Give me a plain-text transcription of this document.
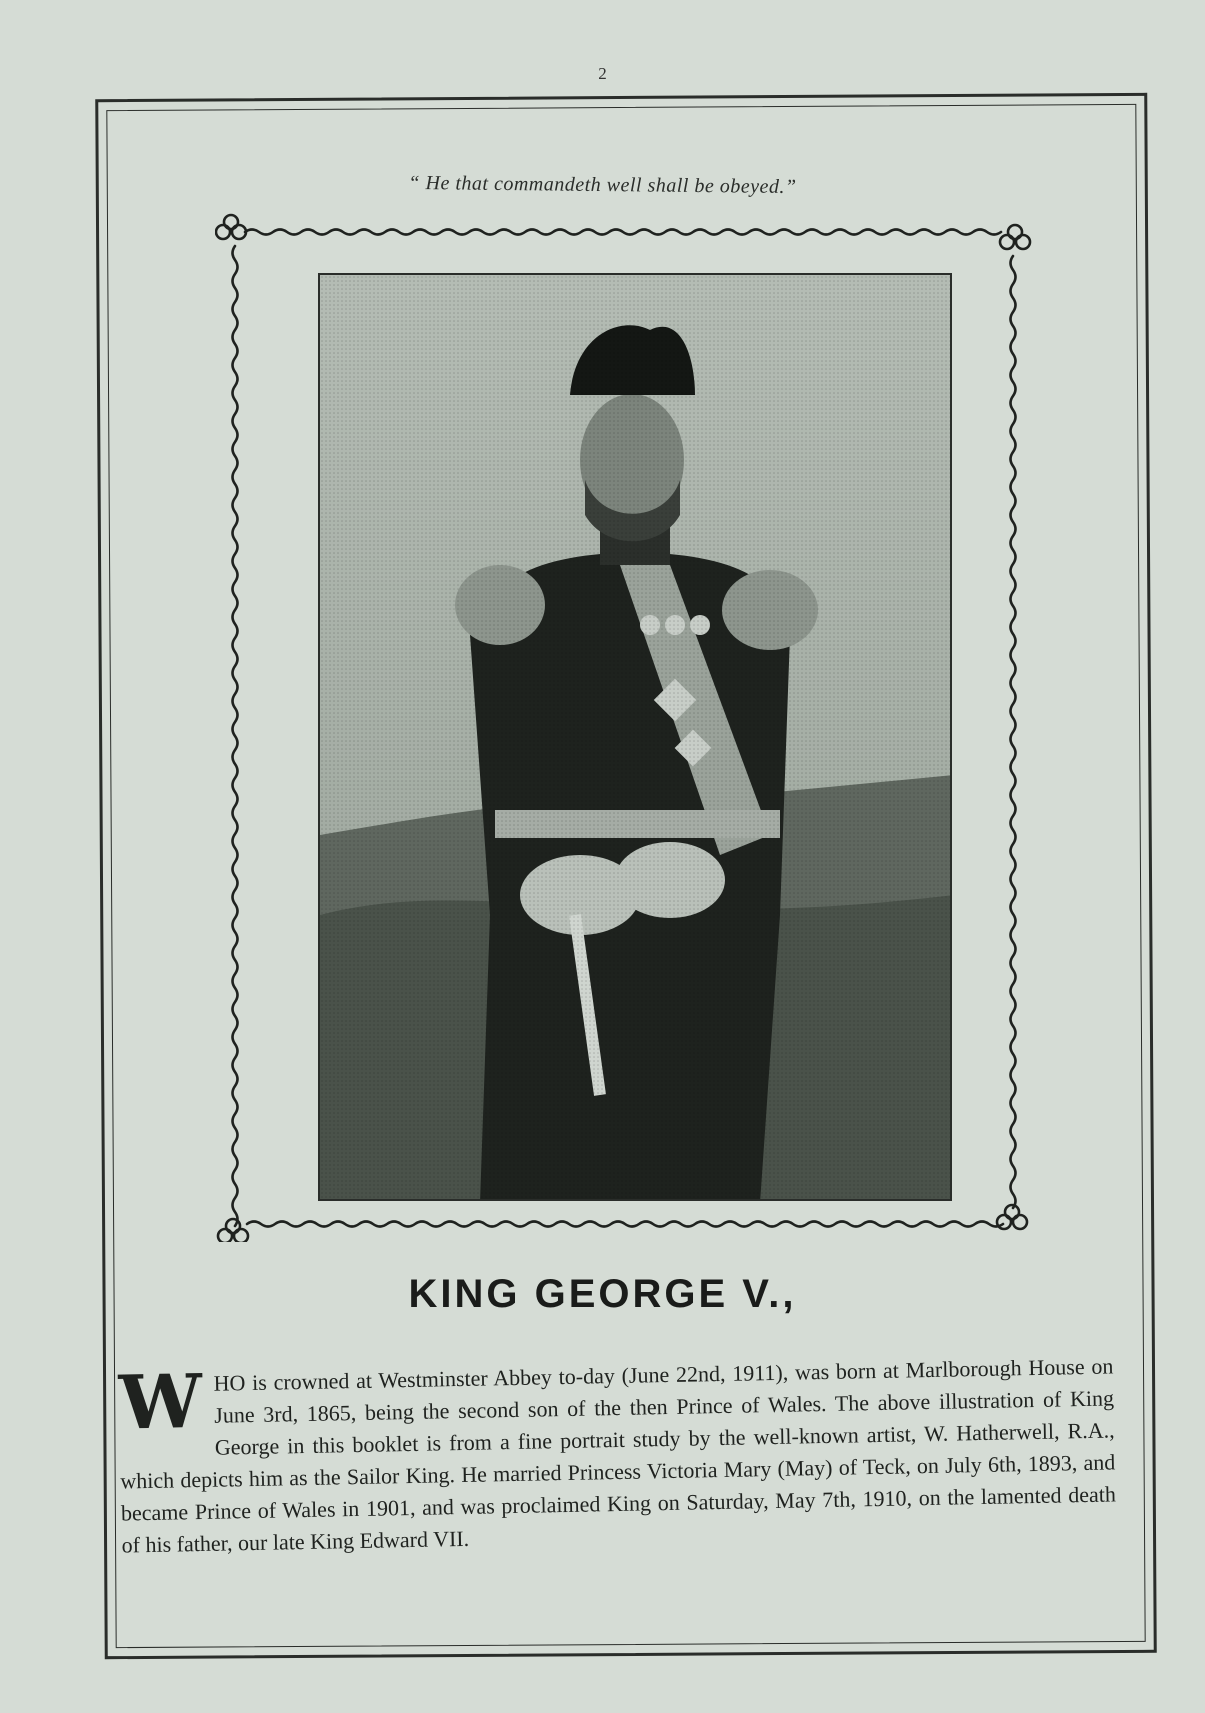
2
“ He that commandeth well shall be obeyed.”
KING GEORGE V.,
W HO is crowned at Westminster Abbey to-day (June 22nd, 1911), was born at Marlborough House on June 3rd, 1865, being the second son of the then Prince of Wales. The above illustration of King George in this booklet is from a fine portrait study by the well-known artist, W. Hatherwell, R.A., which depicts him as the Sailor King. He married Princess Victoria Mary (May) of Teck, on July 6th, 1893, and became Prince of Wales in 1901, and was proclaimed King on Saturday, May 7th, 1910, on the lamented death of his father, our late King Edward VII.
